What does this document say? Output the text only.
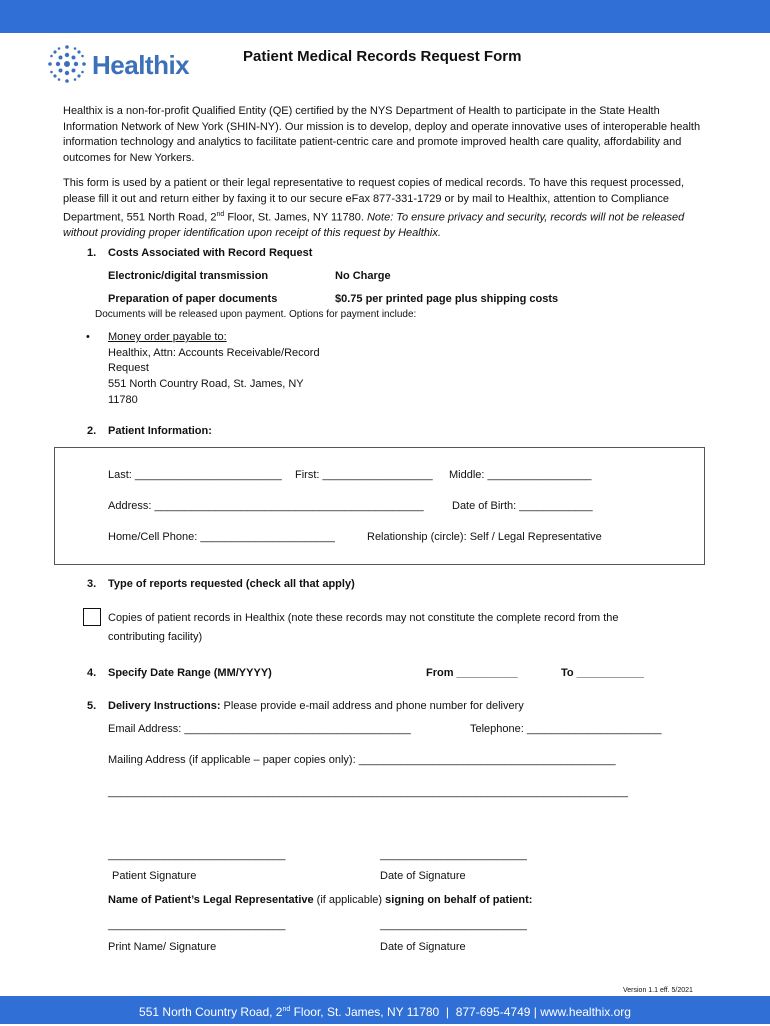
Healthix	Patient Medical Records Request Form
Healthix is a non-for-profit Qualified Entity (QE) certified by the NYS Department of Health to participate in the State Health Information Network of New York (SHIN-NY). Our mission is to develop, deploy and operate innovative uses of interoperable health information technology and analytics to facilitate patient-centric care and promote improved health care quality, affordability and outcomes for New Yorkers.
This form is used by a patient or their legal representative to request copies of medical records. To have this request processed, please fill it out and return either by faxing it to our secure eFax 877-331-1729 or by mail to Healthix, attention to Compliance Department, 551 North Road, 2nd Floor, St. James, NY 11780. Note: To ensure privacy and security, records will not be released without providing proper identification upon receipt of this request by Healthix.
1. Costs Associated with Record Request
Electronic/digital transmission	No Charge
Preparation of paper documents	$0.75 per printed page plus shipping costs
Documents will be released upon payment. Options for payment include:
• Money order payable to:
Healthix, Attn: Accounts Receivable/Record
Request
551 North Country Road, St. James, NY
11780
2. Patient Information:
Last: ________________________ First: __________________ Middle: _________________
Address: ____________________________________________	Date of Birth: ____________
Home/Cell Phone: ______________________	Relationship (circle): Self / Legal Representative
3. Type of reports requested (check all that apply)
Copies of patient records in Healthix (note these records may not constitute the complete record from the
contributing facility)
4. Specify Date Range (MM/YYYY)	From __________	To ___________
5. Delivery Instructions: Please provide e-mail address and phone number for delivery
Email Address: _____________________________________	Telephone: ______________________
Mailing Address (if applicable – paper copies only): __________________________________________
_____________________________________________________________________________________
_____________________________	________________________
Patient Signature	Date of Signature
Name of Patient’s Legal Representative (if applicable) signing on behalf of patient:
_____________________________	________________________
Print Name/ Signature	Date of Signature
Version 1.1 eff. 5/2021
551 North Country Road, 2nd Floor, St. James, NY 11780  |  877-695-4749 | www.healthix.org
